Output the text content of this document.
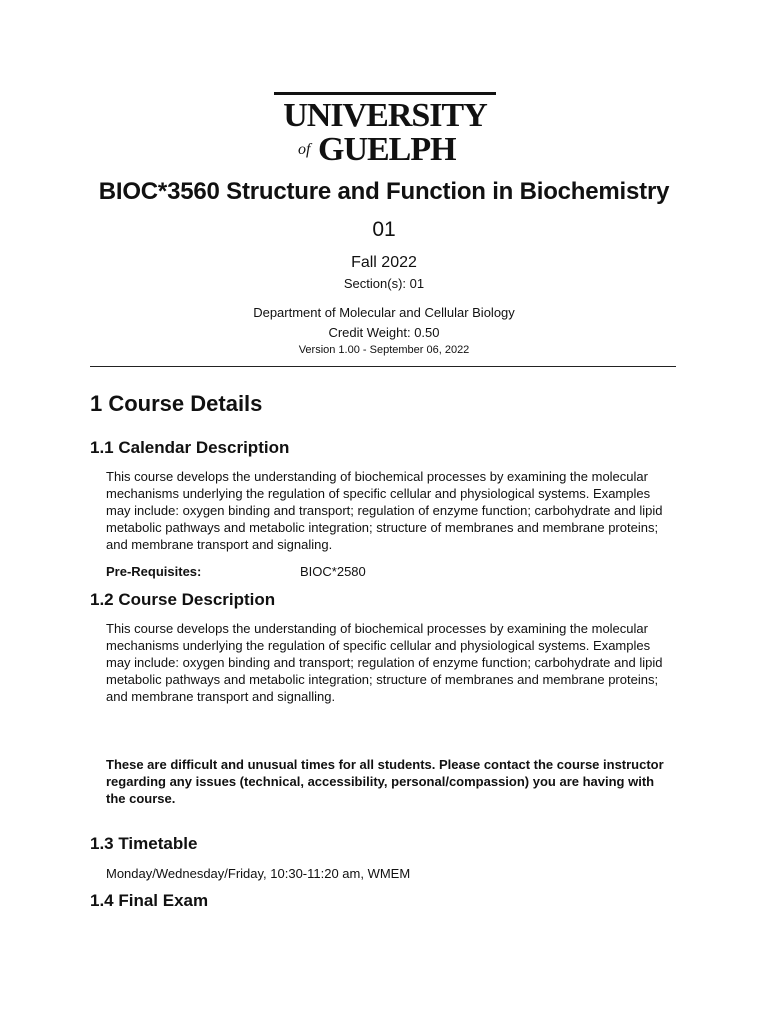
UNIVERSITY
of GUELPH
BIOC*3560 Structure and Function in Biochemistry
01
Fall 2022
Section(s): 01
Department of Molecular and Cellular Biology
Credit Weight: 0.50
Version 1.00 - September 06, 2022
1 Course Details
1.1 Calendar Description
This course develops the understanding of biochemical processes by examining the molecular mechanisms underlying the regulation of specific cellular and physiological systems. Examples may include: oxygen binding and transport; regulation of enzyme function; carbohydrate and lipid metabolic pathways and metabolic integration; structure of membranes and membrane proteins; and membrane transport and signaling.
Pre-Requisites:	BIOC*2580
1.2 Course Description
This course develops the understanding of biochemical processes by examining the molecular mechanisms underlying the regulation of specific cellular and physiological systems. Examples may include: oxygen binding and transport; regulation of enzyme function; carbohydrate and lipid metabolic pathways and metabolic integration; structure of membranes and membrane proteins; and membrane transport and signalling.
These are difficult and unusual times for all students. Please contact the course instructor regarding any issues (technical, accessibility, personal/compassion) you are having with the course.
1.3 Timetable
Monday/Wednesday/Friday, 10:30-11:20 am, WMEM
1.4 Final Exam
